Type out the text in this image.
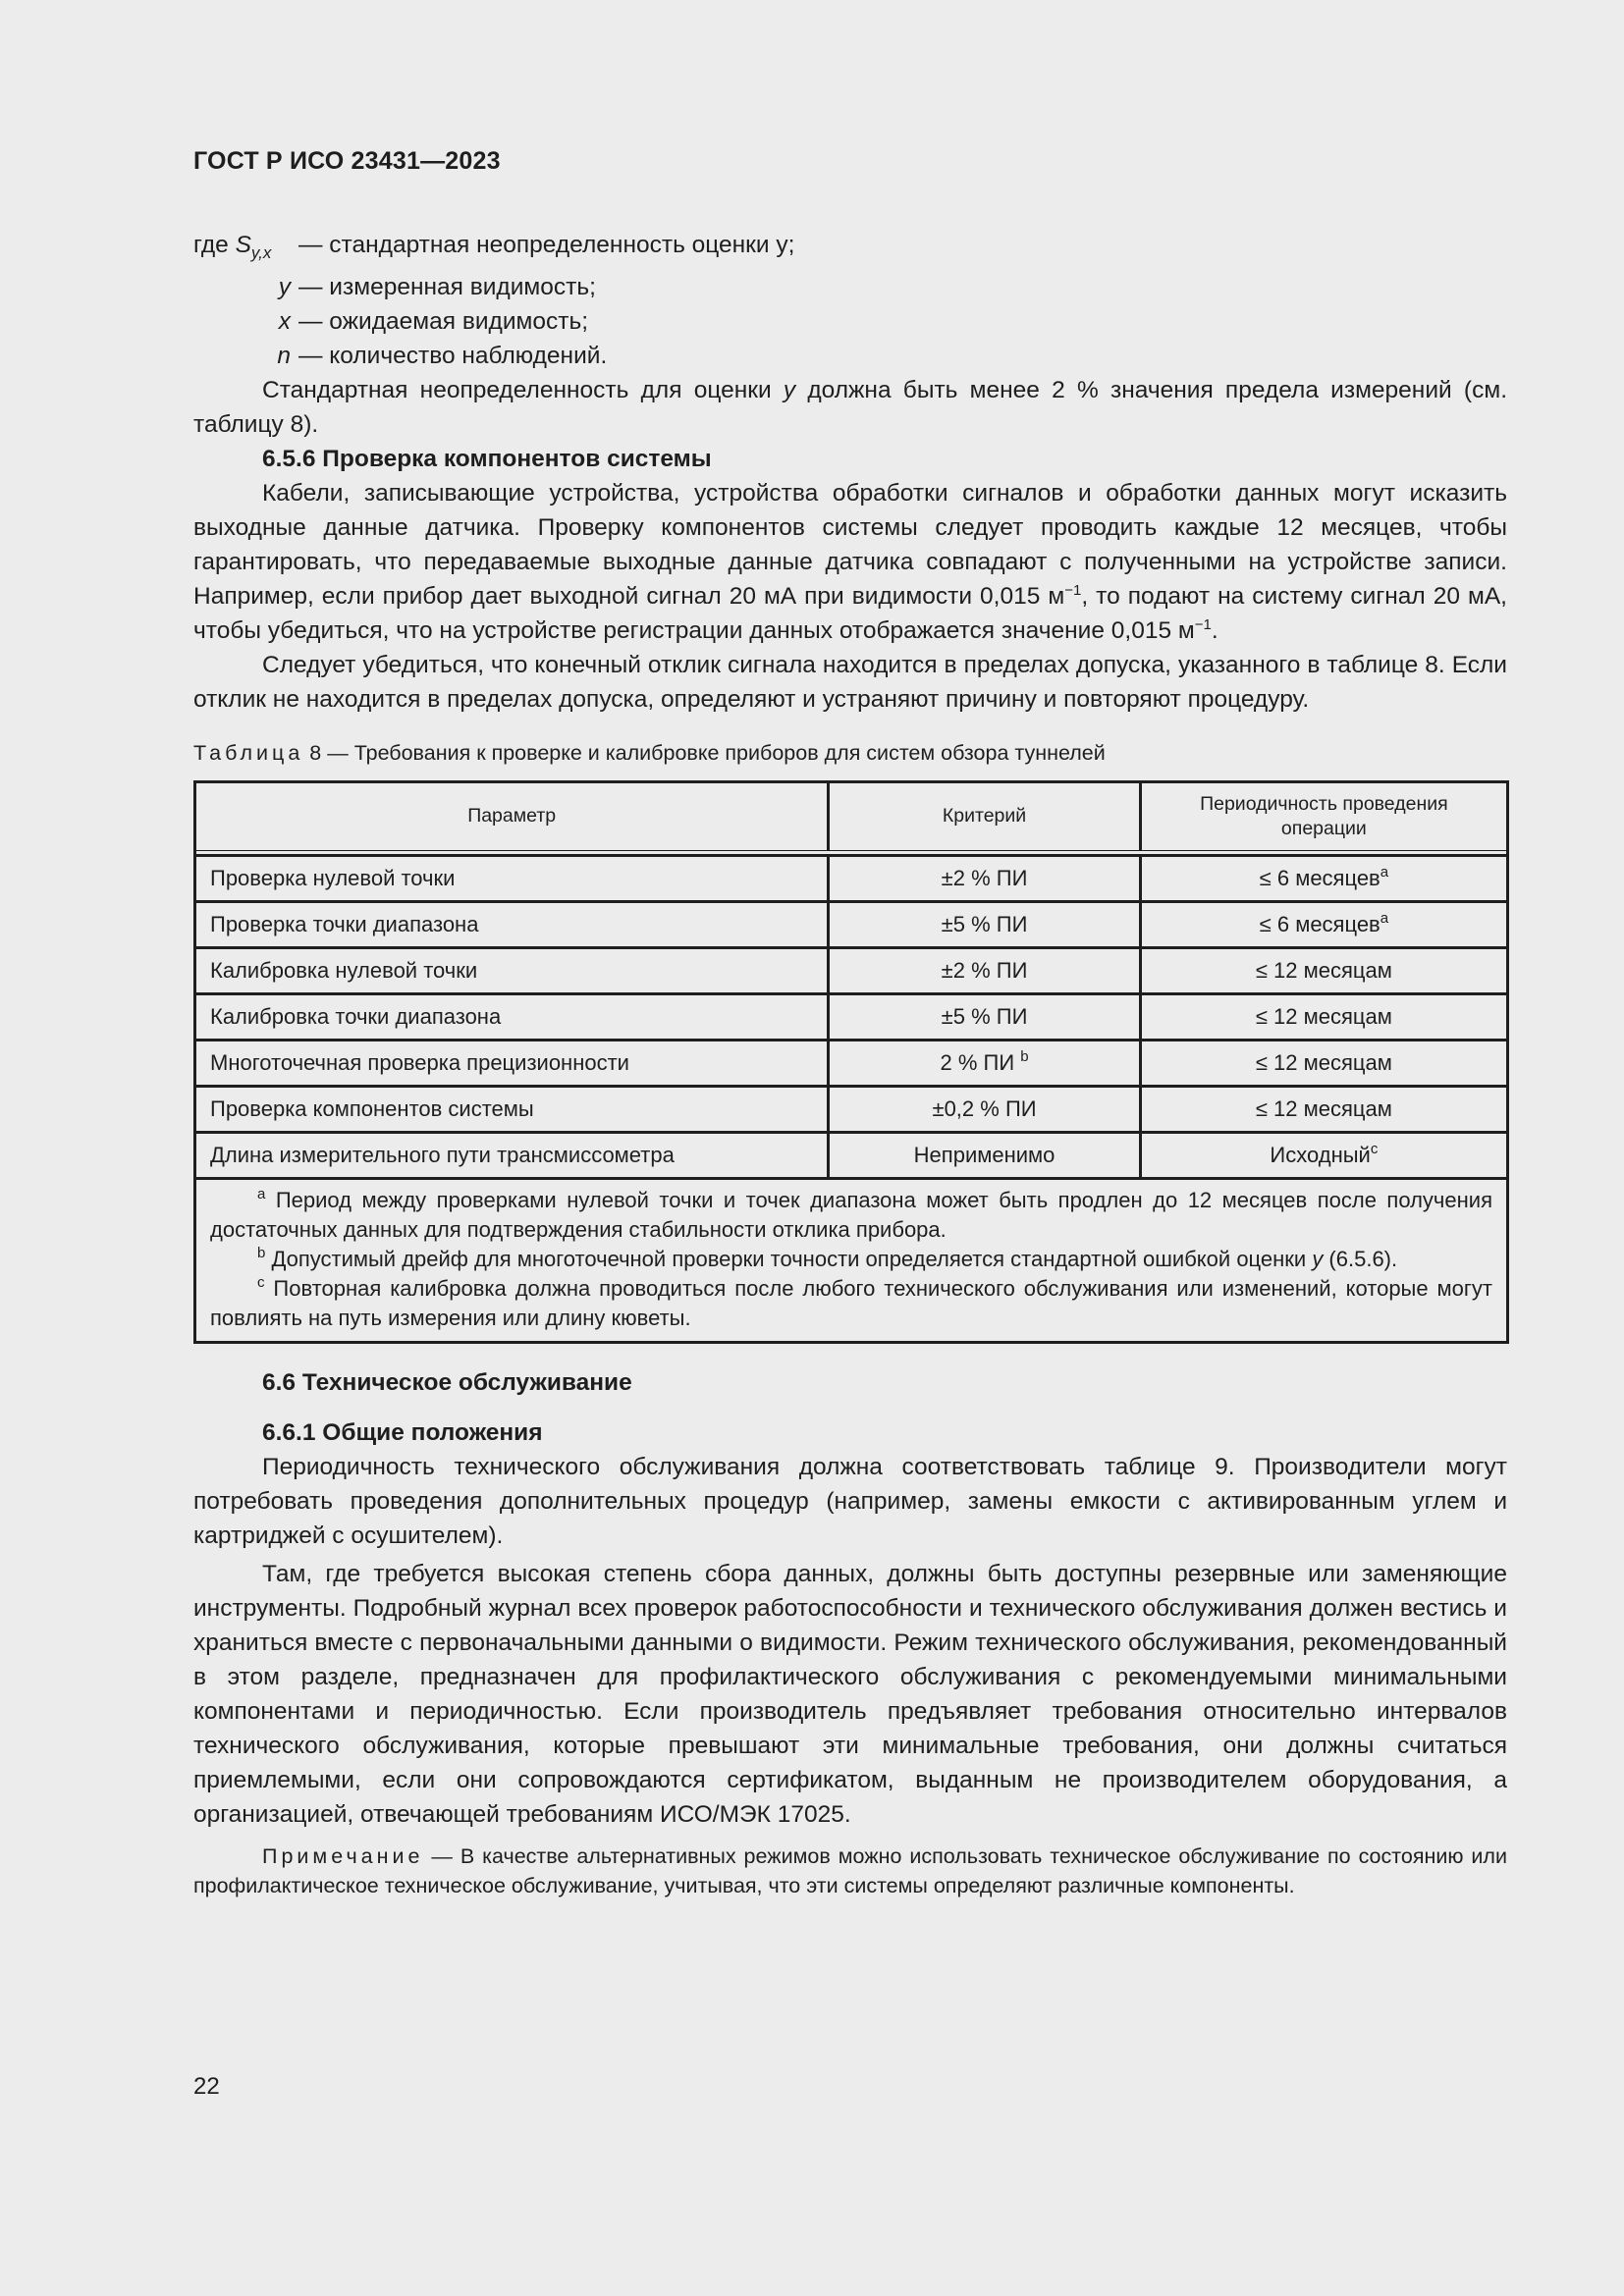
ГОСТ Р ИСО 23431—2023
где $S_{y,x}$	— стандартная неопределенность оценки у;
y — измеренная видимость;
x — ожидаемая видимость;
n — количество наблюдений.

Стандартная неопределенность для оценки y должна быть менее 2 % значения предела измерений (см. таблицу 8).

6.5.6 Проверка компонентов системы

Кабели, записывающие устройства, устройства обработки сигналов и обработки данных могут исказить выходные данные датчика. Проверку компонентов системы следует проводить каждые 12 месяцев, чтобы гарантировать, что передаваемые выходные данные датчика совпадают с полученными на устройстве записи. Например, если прибор дает выходной сигнал 20 мА при видимости 0,015 $м^{-1}$, то подают на систему сигнал 20 мА, чтобы убедиться, что на устройстве регистрации данных отображается значение 0,015 $м^{-1}$.

Следует убедиться, что конечный отклик сигнала находится в пределах допуска, указанного в таблице 8. Если отклик не находится в пределах допуска, определяют и устраняют причину и повторяют процедуру.

Таблица 8 — Требования к проверке и калибровке приборов для систем обзора туннелей
Параметр	Критерий	Периодичность проведения операции

Проверка нулевой точки	±2 % ПИ	≤ 6 месяцев$^a$
Проверка точки диапазона	±5 % ПИ	≤ 6 месяцев$^a$
Калибровка нулевой точки	±2 % ПИ	≤ 12 месяцам
Калибровка точки диапазона	±5 % ПИ	≤ 12 месяцам
Многоточечная проверка прецизионности	2 % ПИ $^b$	≤ 12 месяцам
Проверка компонентов системы	±0,2 % ПИ	≤ 12 месяцам
Длина измерительного пути трансмиссометра	Неприменимо	Исходный$^c$

$^a$ Период между проверками нулевой точки и точек диапазона может быть продлен до 12 месяцев после получения достаточных данных для подтверждения стабильности отклика прибора.
$^b$ Допустимый дрейф для многоточечной проверки точности определяется стандартной ошибкой оценки y (6.5.6).
$^c$ Повторная калибровка должна проводиться после любого технического обслуживания или изменений, которые могут повлиять на путь измерения или длину кюветы.		
6.6 Техническое обслуживание
6.6.1 Общие положения

Периодичность технического обслуживания должна соответствовать таблице 9. Производители могут потребовать проведения дополнительных процедур (например, замены емкости с активированным углем и картриджей с осушителем).

Там, где требуется высокая степень сбора данных, должны быть доступны резервные или заменяющие инструменты. Подробный журнал всех проверок работоспособности и технического обслуживания должен вестись и храниться вместе с первоначальными данными о видимости. Режим технического обслуживания, рекомендованный в этом разделе, предназначен для профилактического обслуживания с рекомендуемыми минимальными компонентами и периодичностью. Если производитель предъявляет требования относительно интервалов технического обслуживания, которые превышают эти минимальные требования, они должны считаться приемлемыми, если они сопровождаются сертификатом, выданным не производителем оборудования, а организацией, отвечающей требованиям ИСО/МЭК 17025.

Примечание — В качестве альтернативных режимов можно использовать техническое обслуживание по состоянию или профилактическое техническое обслуживание, учитывая, что эти системы определяют различные компоненты.

22
